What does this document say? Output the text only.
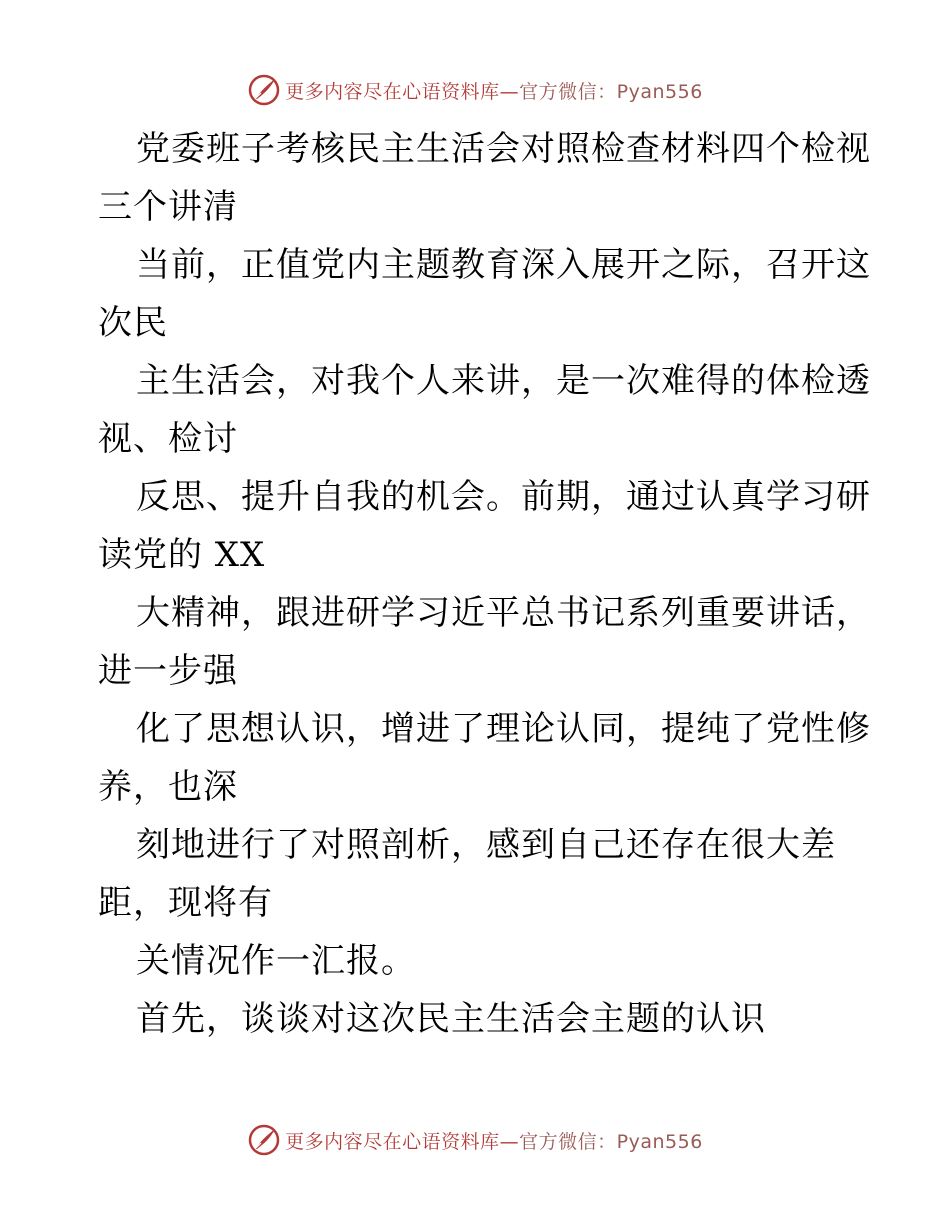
更多内容尽在心语资料库—官方微信：Pyan556
党委班子考核民主生活会对照检查材料四个检视
三个讲清
当前，正值党内主题教育深入展开之际，召开这
次民
主生活会，对我个人来讲，是一次难得的体检透
视、检讨
反思、提升自我的机会。前期，通过认真学习研
读党的 XX
大精神，跟进研学习近平总书记系列重要讲话，
进一步强
化了思想认识，增进了理论认同，提纯了党性修
养，也深
刻地进行了对照剖析，感到自己还存在很大差
距，现将有
关情况作一汇报。
首先，谈谈对这次民主生活会主题的认识
更多内容尽在心语资料库—官方微信：Pyan556
